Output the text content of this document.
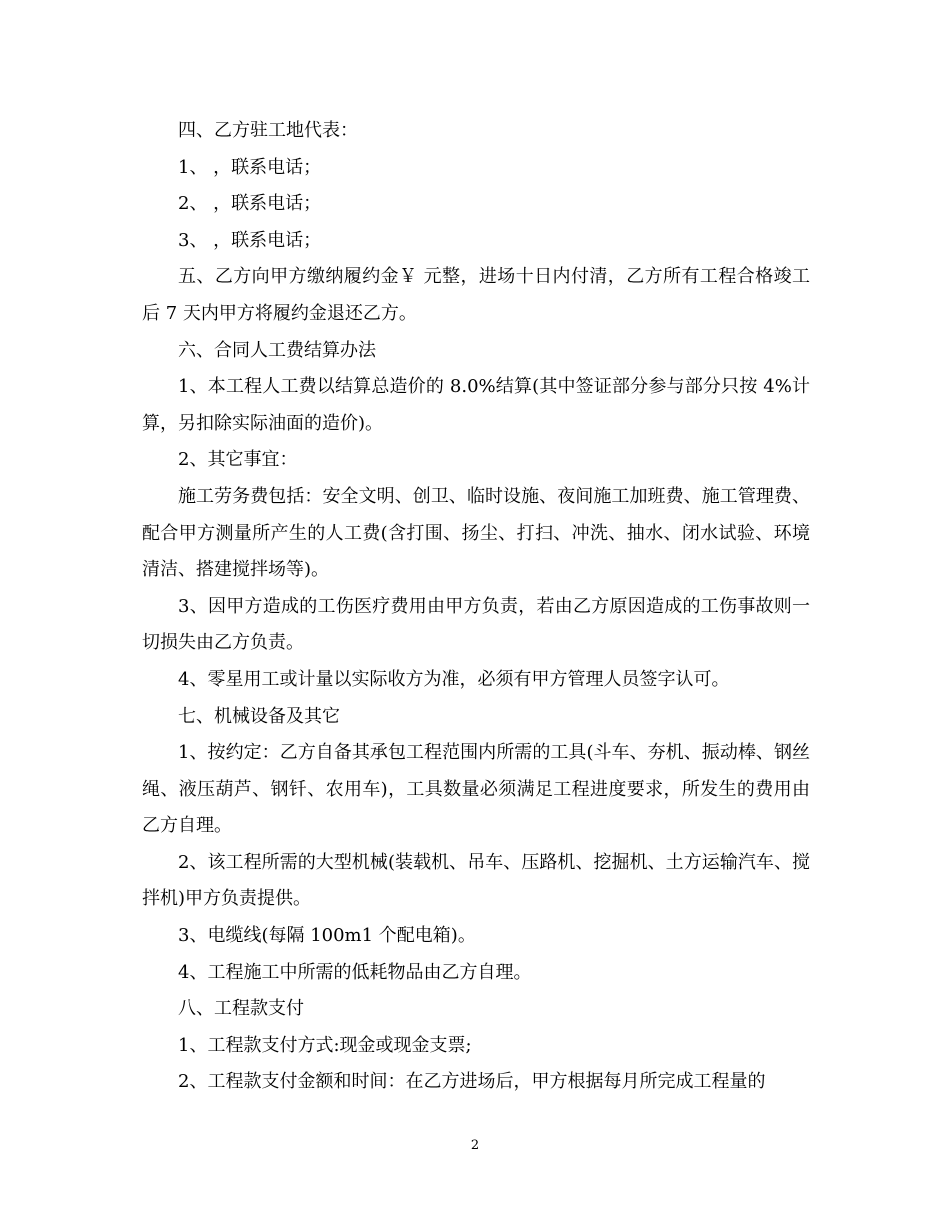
四、乙方驻工地代表：

1、 ，联系电话；

2、 ，联系电话；

3、 ，联系电话；

五、乙方向甲方缴纳履约金￥ 元整，进场十日内付清，乙方所有工程合格竣工后 7 天内甲方将履约金退还乙方。

六、合同人工费结算办法

1、本工程人工费以结算总造价的 8.0%结算(其中签证部分参与部分只按 4%计算，另扣除实际油面的造价)。

2、其它事宜：

施工劳务费包括：安全文明、创卫、临时设施、夜间施工加班费、施工管理费、配合甲方测量所产生的人工费(含打围、扬尘、打扫、冲洗、抽水、闭水试验、环境清洁、搭建搅拌场等)。

3、因甲方造成的工伤医疗费用由甲方负责，若由乙方原因造成的工伤事故则一切损失由乙方负责。

4、零星用工或计量以实际收方为准，必须有甲方管理人员签字认可。

七、机械设备及其它

1、按约定：乙方自备其承包工程范围内所需的工具(斗车、夯机、振动棒、钢丝绳、液压葫芦、钢钎、农用车)，工具数量必须满足工程进度要求，所发生的费用由乙方自理。

2、该工程所需的大型机械(装载机、吊车、压路机、挖掘机、土方运输汽车、搅拌机)甲方负责提供。

3、电缆线(每隔 100m1 个配电箱)。

4、工程施工中所需的低耗物品由乙方自理。

八、工程款支付

1、工程款支付方式:现金或现金支票;

2、工程款支付金额和时间：在乙方进场后，甲方根据每月所完成工程量的

2
